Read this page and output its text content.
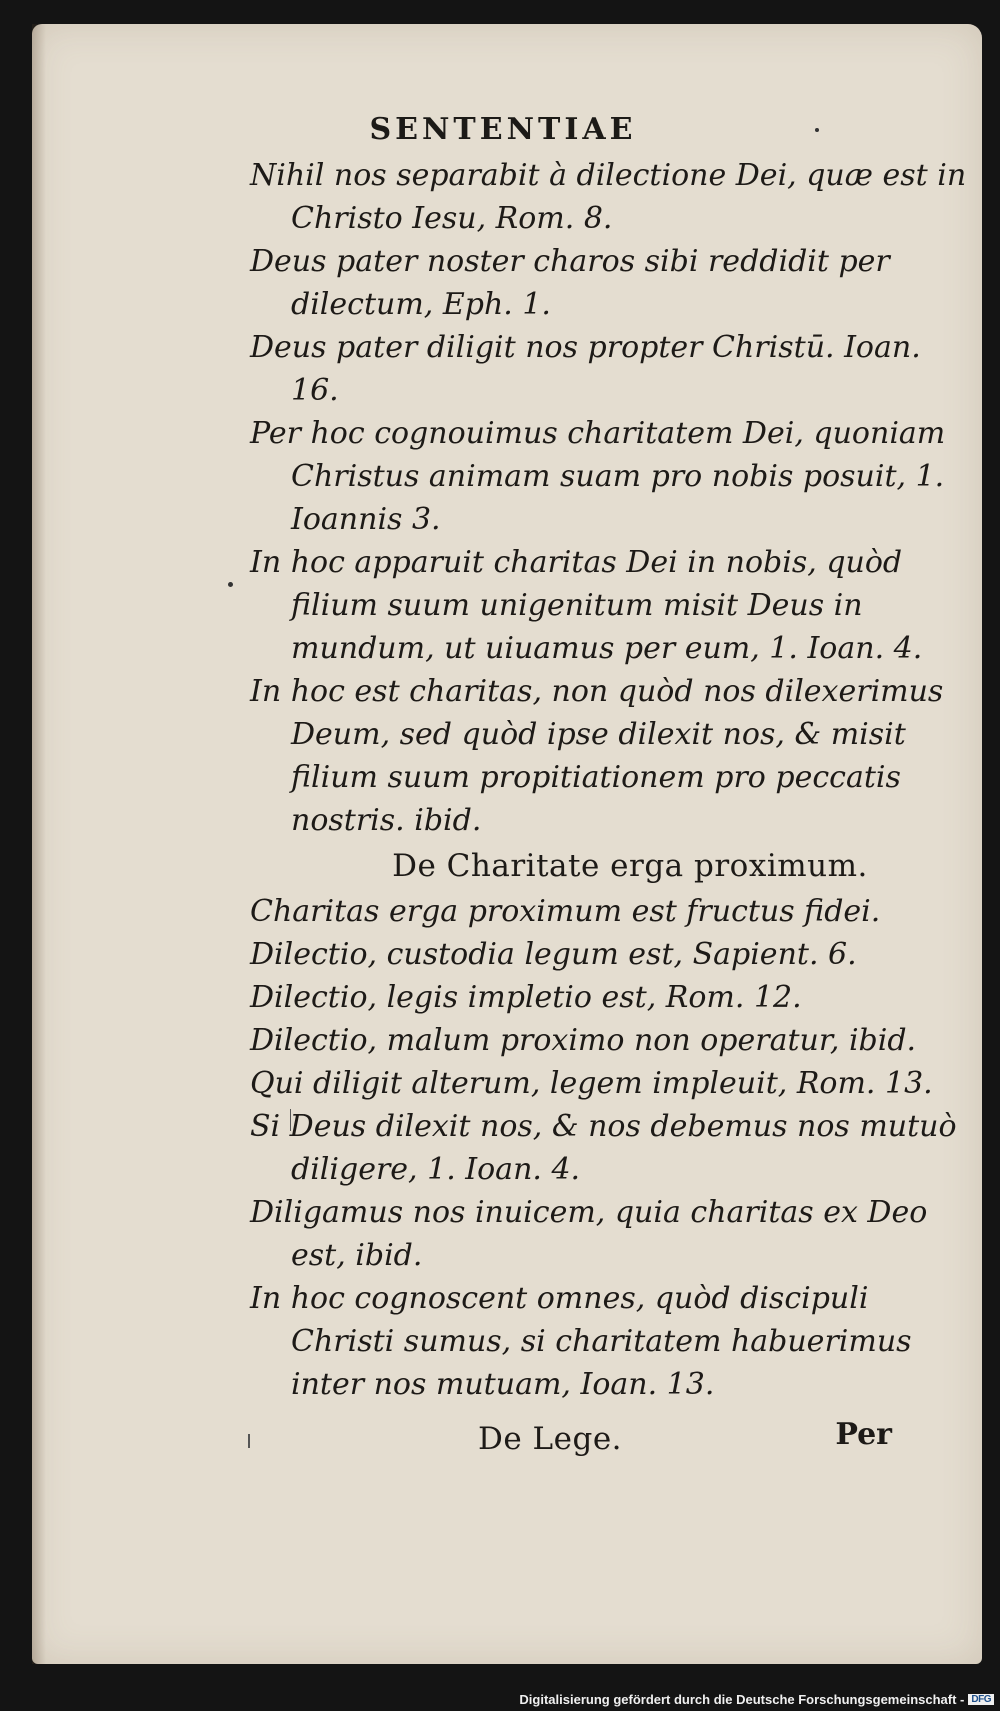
SENTENTIAE

Nihil nos separabit à dilectione Dei, quæ est in Christo Iesu, Rom. 8.

Deus pater noster charos sibi reddidit per dilectum, Eph. 1.

Deus pater diligit nos propter Christū. Ioan. 16.

Per hoc cognouimus charitatem Dei, quoniam Christus animam suam pro nobis posuit, 1. Ioannis 3.

In hoc apparuit charitas Dei in nobis, quòd filium suum unigenitum misit Deus in mundum, ut uiuamus per eum, 1. Ioan. 4.

In hoc est charitas, non quòd nos dilexerimus Deum, sed quòd ipse dilexit nos, & misit filium suum propitiationem pro peccatis nostris. ibid.

De Charitate erga proximum.

Charitas erga proximum est fructus fidei.

Dilectio, custodia legum est, Sapient. 6.

Dilectio, legis impletio est, Rom. 12.

Dilectio, malum proximo non operatur, ibid.

Qui diligit alterum, legem impleuit, Rom. 13.

Si Deus dilexit nos, & nos debemus nos mutuò diligere, 1. Ioan. 4.

Diligamus nos inuicem, quia charitas ex Deo est, ibid.

In hoc cognoscent omnes, quòd discipuli Christi sumus, si charitatem habuerimus inter nos mutuam, Ioan. 13.

De Lege.	Per
Digitalisierung gefördert durch die Deutsche Forschungsgemeinschaft - DFG
